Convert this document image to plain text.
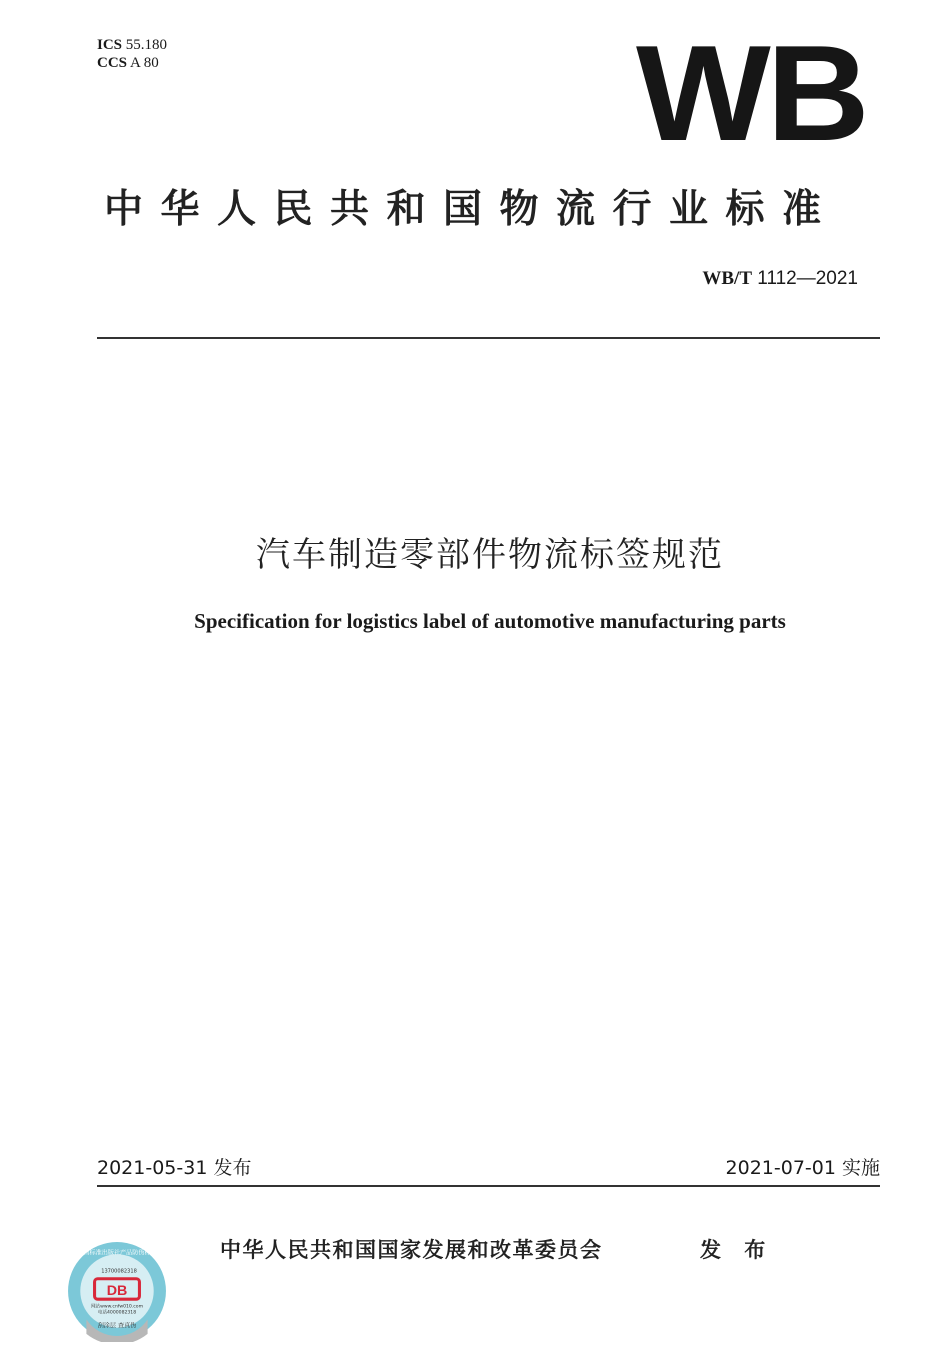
ICS 55.180
CCS A 80	WB
中华人民共和国物流行业标准
WB/T 1112—2021
汽车制造零部件物流标签规范
Specification for logistics label of automotive manufacturing parts
2021-05-31 发布	2021-07-01 实施
中华人民共和国国家发展和改革委员会	发 布
中国标准出版社产品防伪标识
13700082318
DB
网站www.cnfw010.com
电话4000082318
刮涂层 查真伪
